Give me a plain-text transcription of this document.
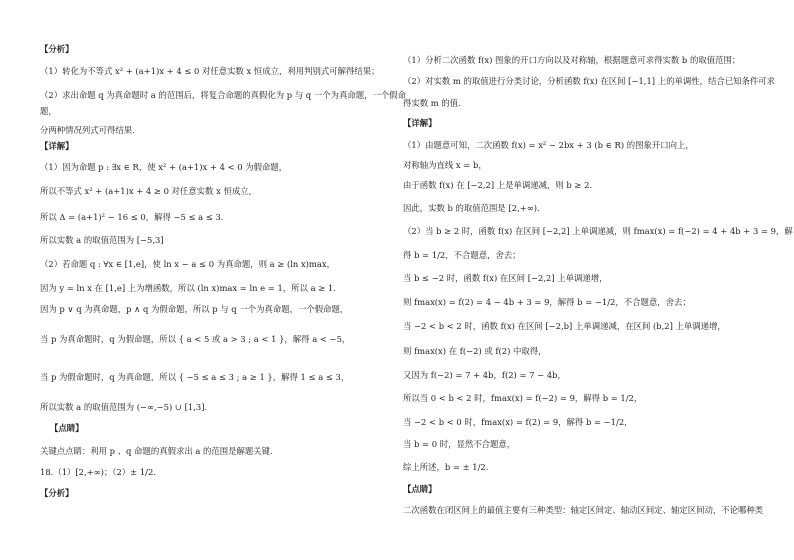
【分析】
（1）转化为不等式 x² + (a+1)x + 4 ≤ 0 对任意实数 x 恒成立，利用判别式可解得结果；
（2）求出命题 q 为真命题时 a 的范围后，将复合命题的真假化为 p 与 q 一个为真命题，一个假命
题，
分两种情况列式可得结果.
【详解】
（1）因为命题 p : ∃x ∈ R，使 x² + (a+1)x + 4 < 0 为假命题，
所以不等式 x² + (a+1)x + 4 ≥ 0 对任意实数 x 恒成立，
所以 Δ = (a+1)² − 16 ≤ 0，解得 −5 ≤ a ≤ 3.
所以实数 a 的取值范围为 [−5,3]
（2）若命题 q : ∀x ∈ [1,e]，使 ln x − a ≤ 0 为真命题，则 a ≥ (ln x)max，
因为 y = ln x 在 [1,e] 上为增函数，所以 (ln x)max = ln e = 1，所以 a ≥ 1.
因为 p ∨ q 为真命题，p ∧ q 为假命题，所以 p 与 q 一个为真命题，一个假命题，
当 p 为真命题时，q 为假命题，所以 { a < 5 或 a > 3 ; a < 1 }，解得 a < −5，
当 p 为假命题时，q 为真命题，所以 { −5 ≤ a ≤ 3 ; a ≥ 1 }，解得 1 ≤ a ≤ 3，
所以实数 a 的取值范围为 (−∞,−5) ∪ [1,3].
【点睛】
关键点点睛：利用 p 、q 命题的真假求出 a 的范围是解题关键.
18.（1）[2,+∞)；（2）± 1/2.
【分析】
（1）分析二次函数 f(x) 图象的开口方向以及对称轴，根据题意可求得实数 b 的取值范围；
（2）对实数 m 的取值进行分类讨论，分析函数 f(x) 在区间 [−1,1] 上的单调性，结合已知条件可求
得实数 m 的值.
【详解】
（1）由题意可知，二次函数 f(x) = x² − 2bx + 3 (b ∈ R) 的图象开口向上，
对称轴为直线 x = b，
由于函数 f(x) 在 [−2,2] 上是单调递减，则 b ≥ 2.
因此，实数 b 的取值范围是 [2,+∞).
（2）当 b ≥ 2 时，函数 f(x) 在区间 [−2,2] 上单调递减，则 fmax(x) = f(−2) = 4 + 4b + 3 = 9，解
得 b = 1/2，不合题意，舍去；
当 b ≤ −2 时，函数 f(x) 在区间 [−2,2] 上单调递增，
则 fmax(x) = f(2) = 4 − 4b + 3 = 9，解得 b = −1/2，不合题意，舍去；
当 −2 < b < 2 时，函数 f(x) 在区间 [−2,b] 上单调递减，在区间 (b,2] 上单调递增，
则 fmax(x) 在 f(−2) 或 f(2) 中取得，
又因为 f(−2) = 7 + 4b，f(2) = 7 − 4b，
所以当 0 < b < 2 时，fmax(x) = f(−2) = 9，解得 b = 1/2，
当 −2 < b < 0 时，fmax(x) = f(2) = 9，解得 b = −1/2，
当 b = 0 时，显然不合题意，
综上所述，b = ± 1/2.
【点睛】
二次函数在闭区间上的最值主要有三种类型：轴定区间定、轴动区间定、轴定区间动，不论哪种类
